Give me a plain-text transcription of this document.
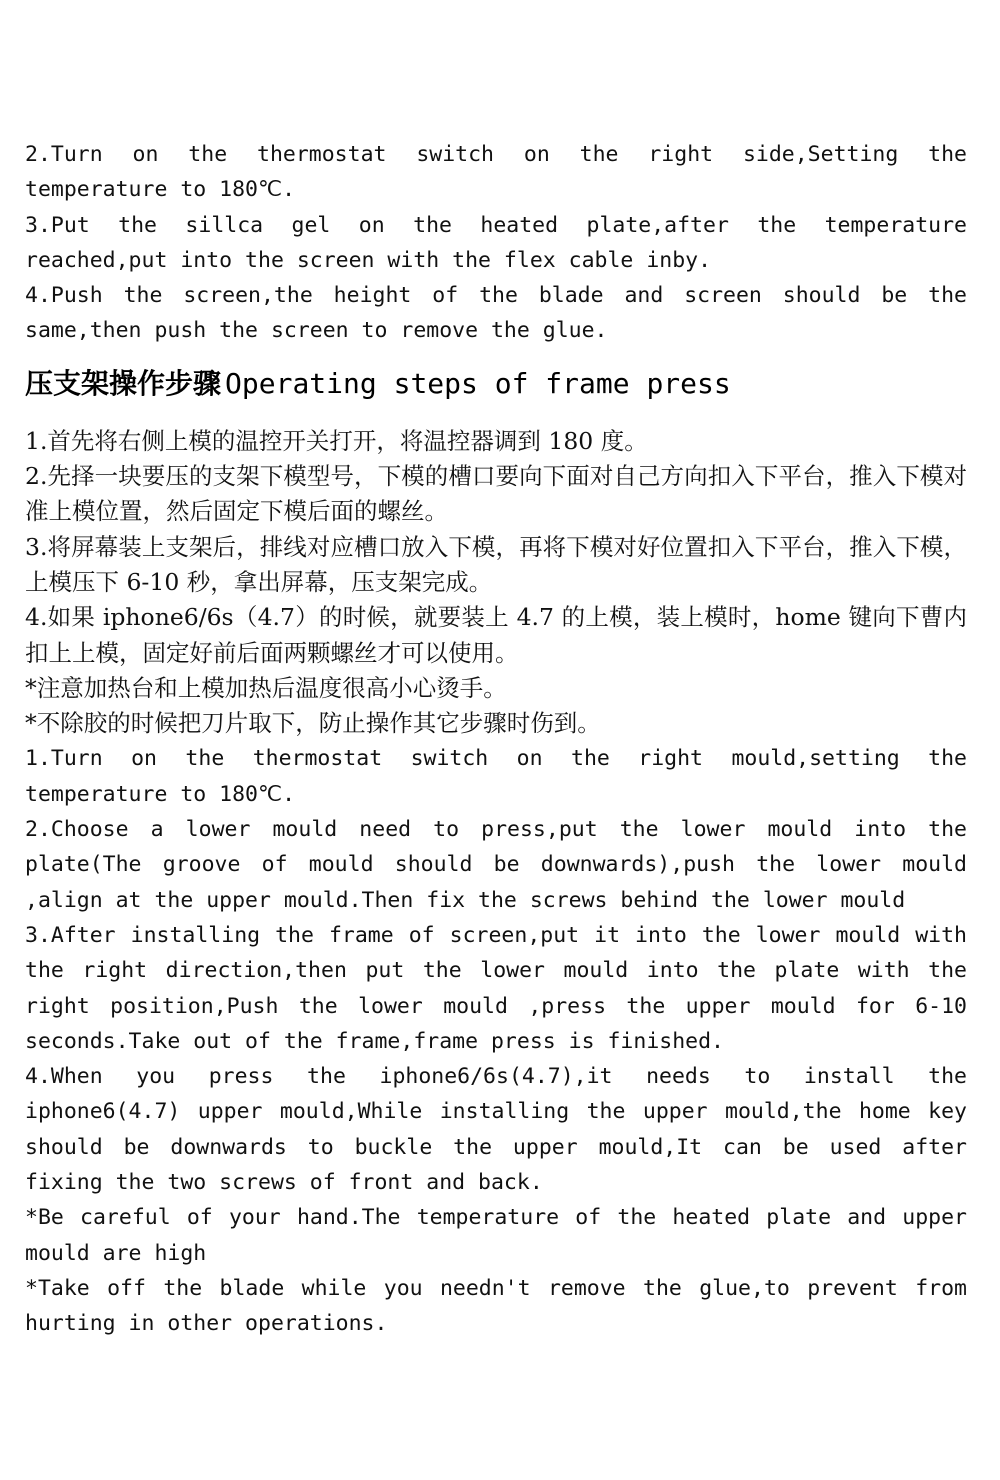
2.Turn on the thermostat switch on the right side,Setting the temperature to 180℃.

3.Put the sillca gel on the heated plate,after the temperature reached,put into the screen with the flex cable inby.

4.Push the screen,the height of the blade and screen should be the same,then push the screen to remove the glue.

压支架操作步骤 Operating steps of frame press

1.首先将右侧上模的温控开关打开，将温控器调到 180 度。

2.先择一块要压的支架下模型号，下模的槽口要向下面对自己方向扣入下平台，推入下模对准上模位置，然后固定下模后面的螺丝。

3.将屏幕装上支架后，排线对应槽口放入下模，再将下模对好位置扣入下平台，推入下模，上模压下 6-10 秒，拿出屏幕，压支架完成。

4.如果 iphone6/6s（4.7）的时候，就要装上 4.7 的上模，装上模时，home 键向下曹内扣上上模，固定好前后面两颗螺丝才可以使用。

*注意加热台和上模加热后温度很高小心烫手。

*不除胶的时候把刀片取下，防止操作其它步骤时伤到。

1.Turn on the thermostat switch on the right mould,setting the temperature to 180℃.

2.Choose a lower mould need to press,put the lower mould into the plate(The groove of mould should be downwards),push the lower mould ,align at the upper mould.Then fix the screws behind the lower mould

3.After installing the frame of screen,put it into the lower mould with the right direction,then put the lower mould into the plate with the right position,Push the lower mould ,press the upper mould for 6-10 seconds.Take out of the frame,frame press is finished.

4.When you press the iphone6/6s(4.7),it needs to install the iphone6(4.7) upper mould,While installing the upper mould,the home key should be downwards to buckle the upper mould,It can be used after fixing the two screws of front and back.

*Be careful of your hand.The temperature of the heated plate and upper mould are high

*Take off the blade while you needn't remove the glue,to prevent from hurting in other operations.
